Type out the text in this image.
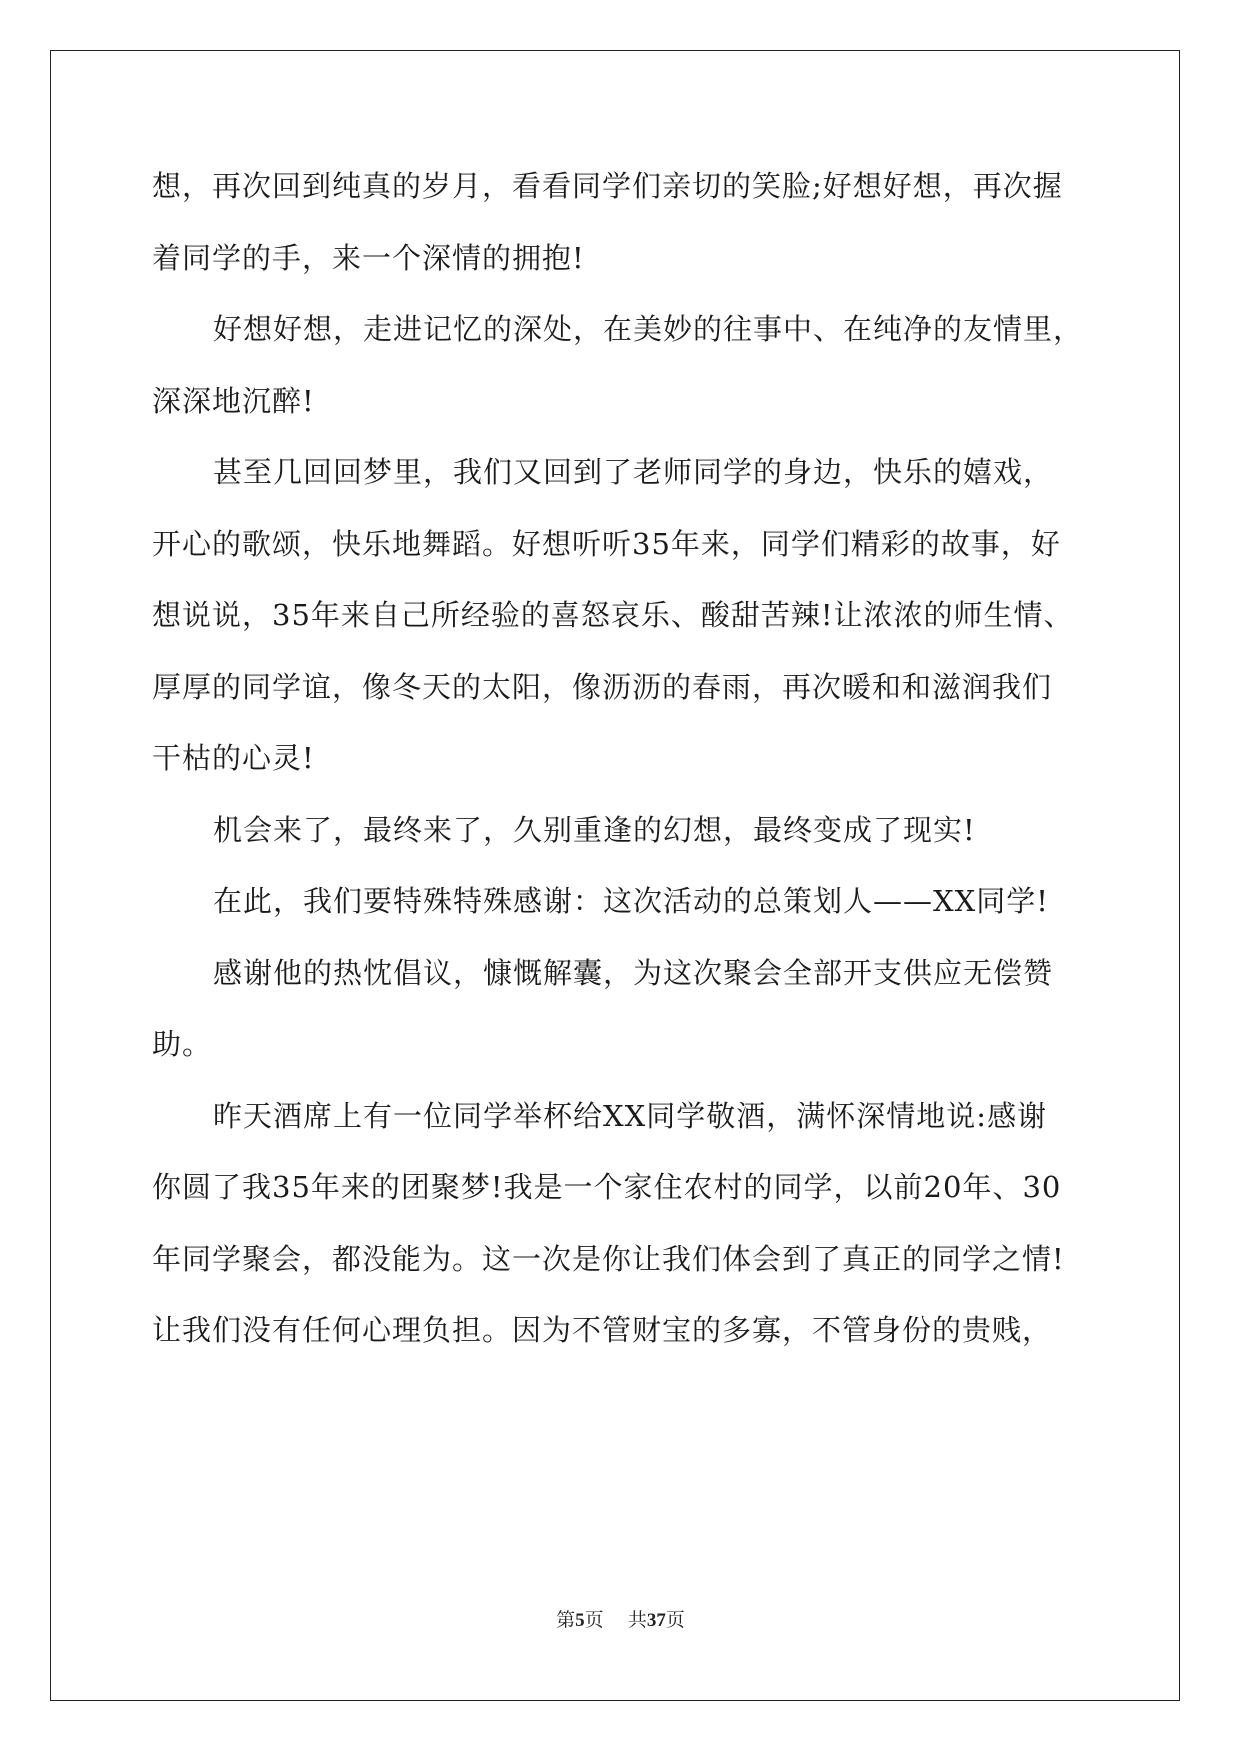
想，再次回到纯真的岁月，看看同学们亲切的笑脸;好想好想，再次握
着同学的手，来一个深情的拥抱!
好想好想，走进记忆的深处，在美妙的往事中、在纯净的友情里，
深深地沉醉!
甚至几回回梦里，我们又回到了老师同学的身边，快乐的嬉戏，
开心的歌颂，快乐地舞蹈。好想听听35年来，同学们精彩的故事，好
想说说，35年来自己所经验的喜怒哀乐、酸甜苦辣!让浓浓的师生情、
厚厚的同学谊，像冬天的太阳，像沥沥的春雨，再次暖和和滋润我们
干枯的心灵!
机会来了，最终来了，久别重逢的幻想，最终变成了现实!
在此，我们要特殊特殊感谢：这次活动的总策划人——XX同学!
感谢他的热忱倡议，慷慨解囊，为这次聚会全部开支供应无偿赞
助。
昨天酒席上有一位同学举杯给XX同学敬酒，满怀深情地说:感谢
你圆了我35年来的团聚梦!我是一个家住农村的同学，以前20年、30
年同学聚会，都没能为。这一次是你让我们体会到了真正的同学之情!
让我们没有任何心理负担。因为不管财宝的多寡，不管身份的贵贱，
第5页 共37页
